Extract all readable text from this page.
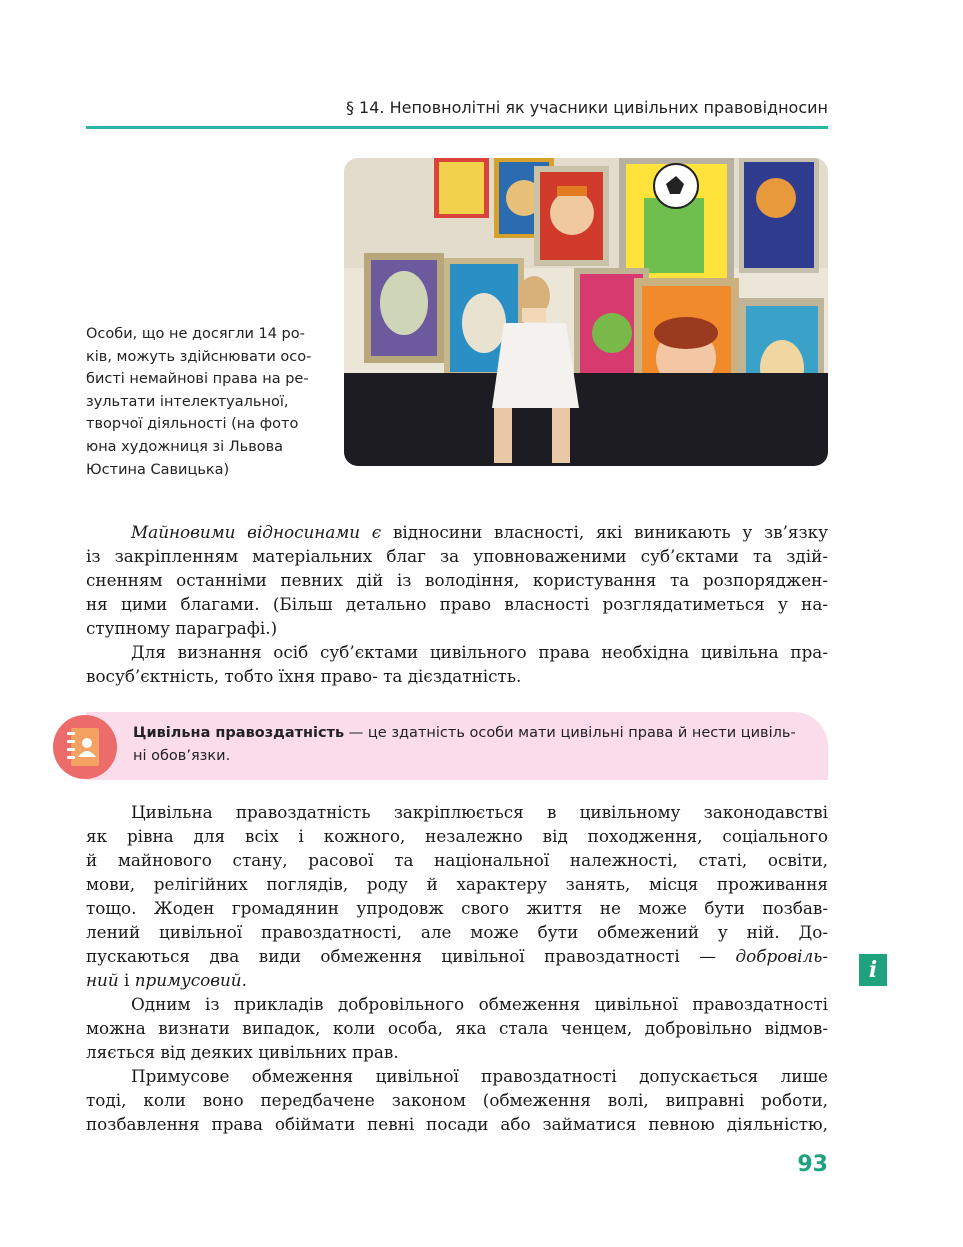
§ 14. Неповнолітні як учасники цивільних правовідносин
Особи, що не досягли 14 ро-
ків, можуть здійснювати осо-
бисті немайнові права на ре-
зультати інтелектуальної,
творчої діяльності (на фото
юна художниця зі Львова
Юстина Савицька)
Майновими відносинами є відносини власності, які виникають у зв’язку
із закріпленням матеріальних благ за уповноваженими суб’єктами та здій-
сненням останніми певних дій із володіння, користування та розпоряджен-
ня цими благами. (Більш детально право власності розглядатиметься у на-
ступному параграфі.)
Для визнання осіб суб’єктами цивільного права необхідна цивільна пра-
восуб’єктність, тобто їхня право- та дієздатність.
Цивільна правоздатність — це здатність особи мати цивільні права й нести цивіль-
ні обов’язки.
Цивільна правоздатність закріплюється в цивільному законодавстві
як рівна для всіх і кожного, незалежно від походження, соціального
й майнового стану, расової та національної належності, статі, освіти,
мови, релігійних поглядів, роду й характеру занять, місця проживання
тощо. Жоден громадянин упродовж свого життя не може бути позбав-
лений цивільної правоздатності, але може бути обмежений у ній. До-
пускаються два види обмеження цивільної правоздатності — добровіль-
ний і примусовий.
Одним із прикладів добровільного обмеження цивільної правоздатності
можна визнати випадок, коли особа, яка стала ченцем, добровільно відмов-
ляється від деяких цивільних прав.
Примусове обмеження цивільної правоздатності допускається лише
тоді, коли воно передбачене законом (обмеження волі, виправні роботи,
позбавлення права обіймати певні посади або займатися певною діяльністю,
i
93
